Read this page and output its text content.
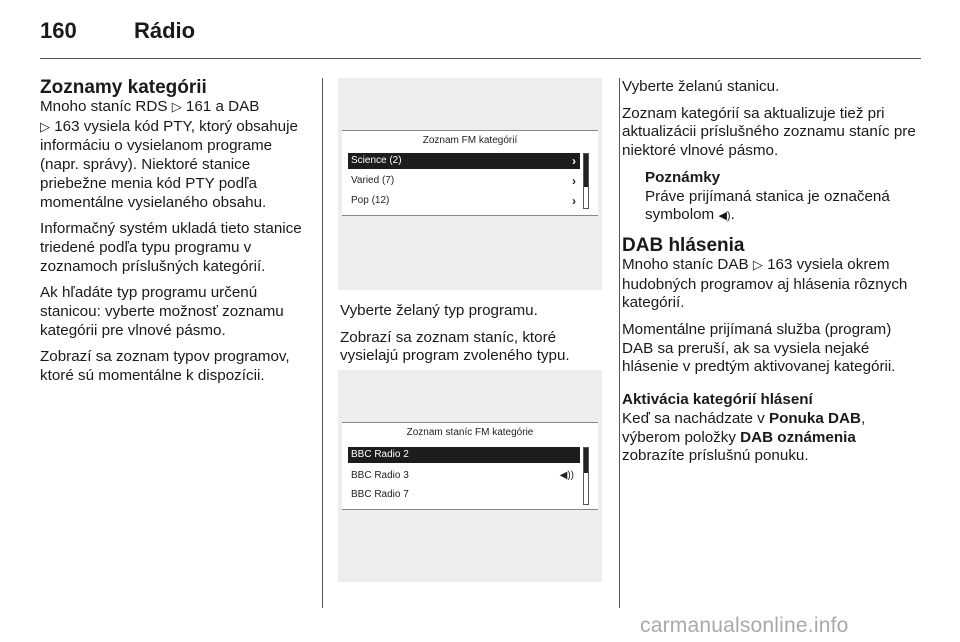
160	Rádio
Zoznamy kategórii

Mnoho staníc RDS ▷ 161 a DAB
▷ 163 vysiela kód PTY, ktorý obsahuje informáciu o vysielanom programe (napr. správy). Niektoré stanice priebežne menia kód PTY podľa momentálne vysielaného obsahu.

Informačný systém ukladá tieto stanice triedené podľa typu programu v zoznamoch príslušných kategórií.

Ak hľadáte typ programu určenú stanicou: vyberte možnosť zoznamu kategórii pre vlnové pásmo.

Zobrazí sa zoznam typov programov, ktoré sú momentálne k dispozícii.

Zoznam FM kategórií
Science (2)	›
Varied (7)	›
Pop (12)	›

Vyberte želaný typ programu.

Zobrazí sa zoznam staníc, ktoré vysielajú program zvoleného typu.

Zoznam staníc FM kategórie
BBC Radio 2
BBC Radio 3	◀))
BBC Radio 7

Vyberte želanú stanicu.

Zoznam kategórií sa aktualizuje tiež pri aktualizácii príslušného zoznamu staníc pre niektoré vlnové pásmo.

Poznámky

Práve prijímaná stanica je označená symbolom ◀).

DAB hlásenia

Mnoho staníc DAB ▷ 163 vysiela okrem hudobných programov aj hlásenia rôznych kategórií.

Momentálne prijímaná služba (program) DAB sa preruší, ak sa vysiela nejaké hlásenie v predtým aktivovanej kategórii.

Aktivácia kategórií hlásení

Keď sa nachádzate v Ponuka DAB, výberom položky DAB oznámenia zobrazíte príslušnú ponuku.

carmanualsonline.info
